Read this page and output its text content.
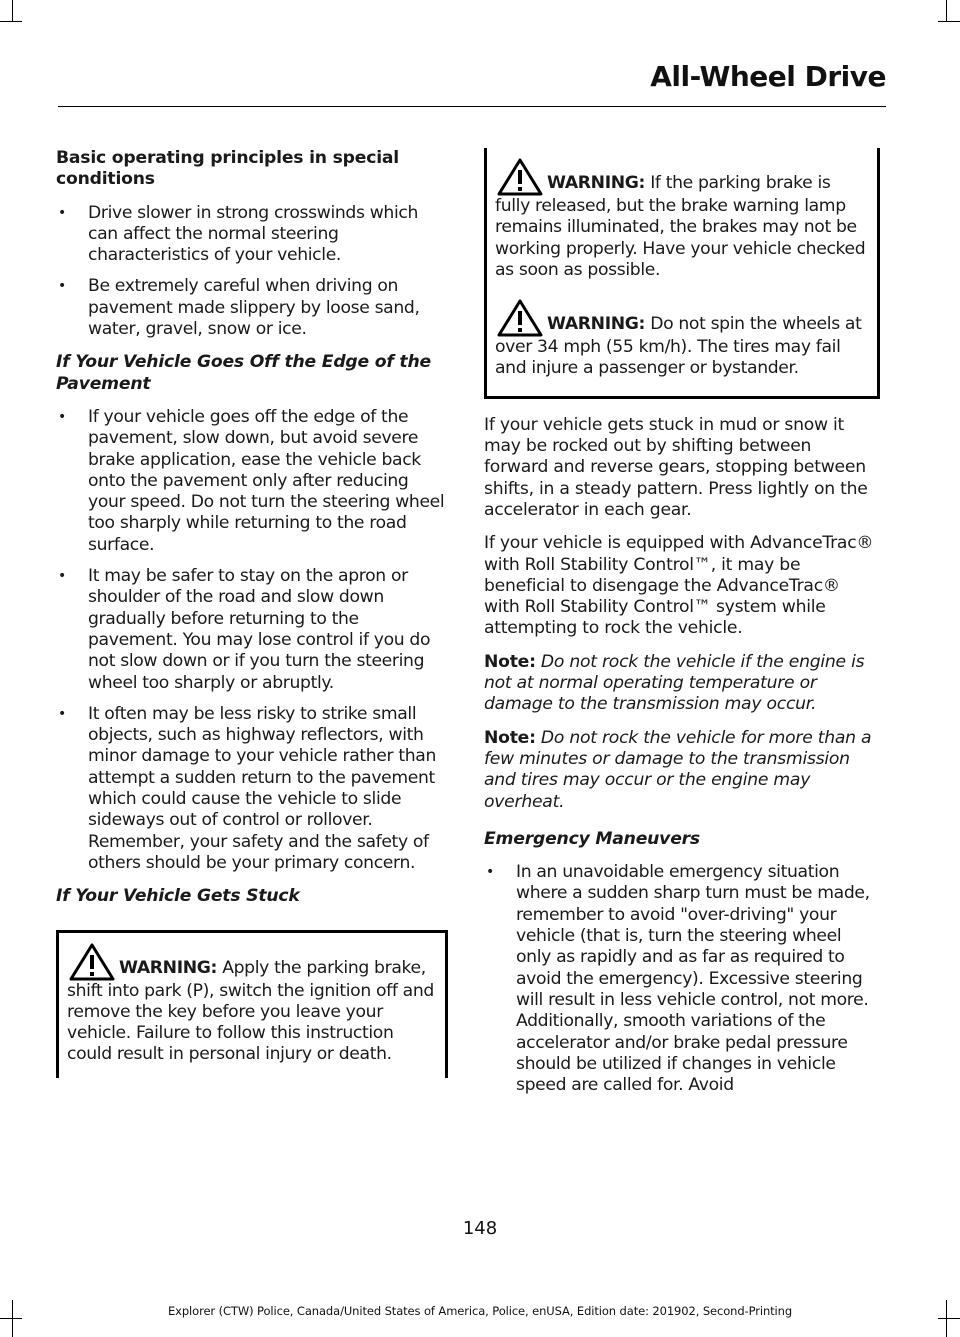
All-Wheel Drive
Basic operating principles in special conditions
• Drive slower in strong crosswinds which can affect the normal steering characteristics of your vehicle.
• Be extremely careful when driving on pavement made slippery by loose sand, water, gravel, snow or ice.
If Your Vehicle Goes Off the Edge of the Pavement
• If your vehicle goes off the edge of the pavement, slow down, but avoid severe brake application, ease the vehicle back onto the pavement only after reducing your speed. Do not turn the steering wheel too sharply while returning to the road surface.
• It may be safer to stay on the apron or shoulder of the road and slow down gradually before returning to the pavement. You may lose control if you do not slow down or if you turn the steering wheel too sharply or abruptly.
• It often may be less risky to strike small objects, such as highway reflectors, with minor damage to your vehicle rather than attempt a sudden return to the pavement which could cause the vehicle to slide sideways out of control or rollover. Remember, your safety and the safety of others should be your primary concern.
If Your Vehicle Gets Stuck
WARNING: Apply the parking brake, shift into park (P), switch the ignition off and remove the key before you leave your vehicle. Failure to follow this instruction could result in personal injury or death.
WARNING: If the parking brake is fully released, but the brake warning lamp remains illuminated, the brakes may not be working properly. Have your vehicle checked as soon as possible.
WARNING: Do not spin the wheels at over 34 mph (55 km/h). The tires may fail and injure a passenger or bystander.

If your vehicle gets stuck in mud or snow it may be rocked out by shifting between forward and reverse gears, stopping between shifts, in a steady pattern. Press lightly on the accelerator in each gear.

If your vehicle is equipped with AdvanceTrac® with Roll Stability Control™, it may be beneficial to disengage the AdvanceTrac® with Roll Stability Control™ system while attempting to rock the vehicle.

Note: Do not rock the vehicle if the engine is not at normal operating temperature or damage to the transmission may occur.

Note: Do not rock the vehicle for more than a few minutes or damage to the transmission and tires may occur or the engine may overheat.

Emergency Maneuvers
• In an unavoidable emergency situation where a sudden sharp turn must be made, remember to avoid "over-driving" your vehicle (that is, turn the steering wheel only as rapidly and as far as required to avoid the emergency). Excessive steering will result in less vehicle control, not more. Additionally, smooth variations of the accelerator and/or brake pedal pressure should be utilized if changes in vehicle speed are called for. Avoid
148
Explorer (CTW) Police, Canada/United States of America, Police, enUSA, Edition date: 201902, Second-Printing
